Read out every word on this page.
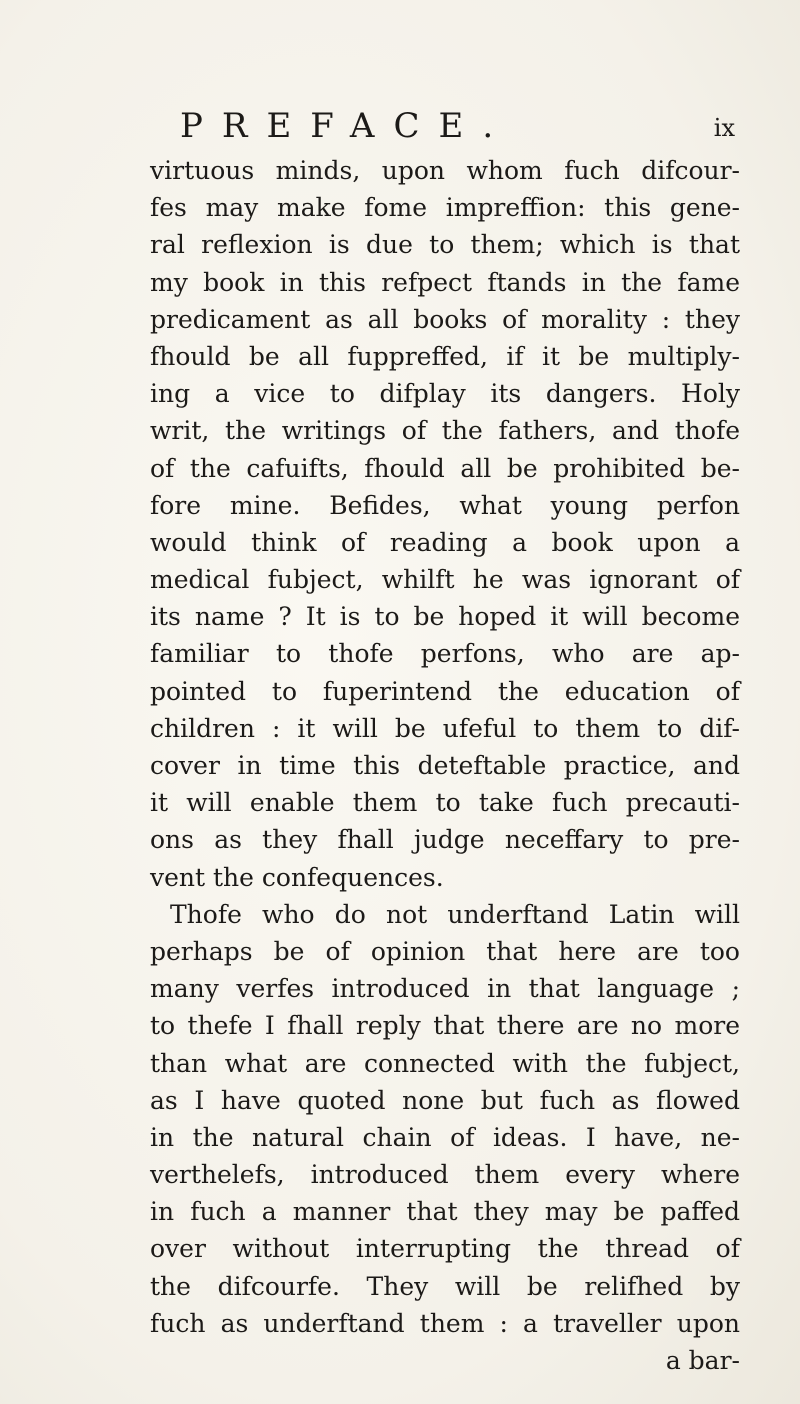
PREFACE.	ix
virtuous minds, upon whom fuch difcour-
fes may make fome impreffion: this gene-
ral reflexion is due to them; which is that
my book in this refpect ftands in the fame
predicament as all books of morality : they
fhould be all fuppreffed, if it be multiply-
ing a vice to difplay its dangers. Holy
writ, the writings of the fathers, and thofe
of the cafuifts, fhould all be prohibited be-
fore mine. Befides, what young perfon
would think of reading a book upon a
medical fubject, whilft he was ignorant of
its name ? It is to be hoped it will become
familiar to thofe perfons, who are ap-
pointed to fuperintend the education of
children : it will be ufeful to them to dif-
cover in time this deteftable practice, and
it will enable them to take fuch precauti-
ons as they fhall judge neceffary to pre-
vent the confequences.
Thofe who do not underftand Latin will
perhaps be of opinion that here are too
many verfes introduced in that language ;
to thefe I fhall reply that there are no more
than what are connected with the fubject,
as I have quoted none but fuch as flowed
in the natural chain of ideas. I have, ne-
verthelefs, introduced them every where
in fuch a manner that they may be paffed
over without interrupting the thread of
the difcourfe. They will be relifhed by
fuch as underftand them : a traveller upon
a bar-
